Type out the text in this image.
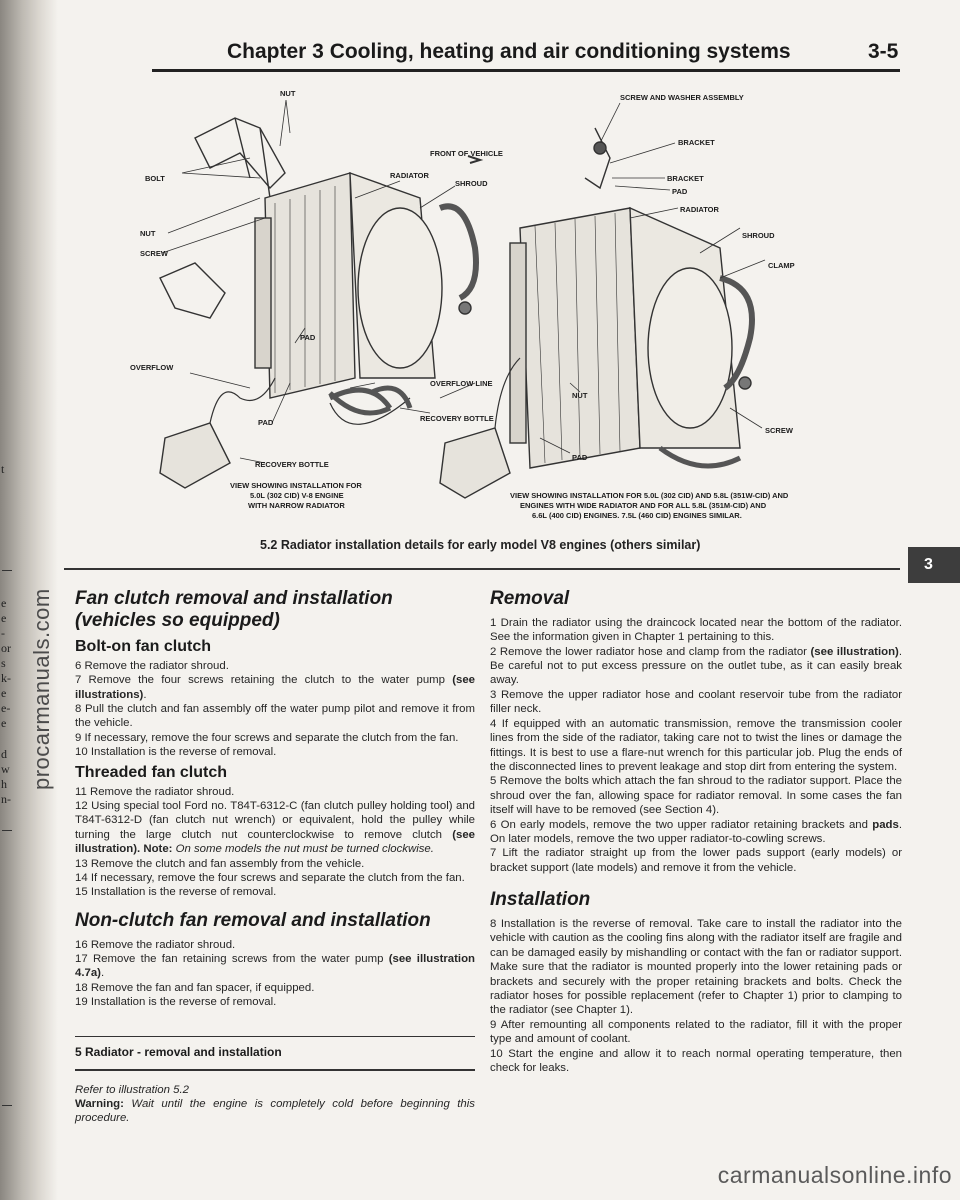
t
e
e
-
or
s
k-
e
e-
e
d
w
h
n-
procarmanuals.com
Chapter 3 Cooling, heating and air conditioning systems	3-5
NUT
BOLT
NUT
SCREW
RADIATOR
SHROUD
FRONT OF VEHICLE
PAD
OVERFLOW
PAD
RECOVERY BOTTLE
OVERFLOW LINE
RECOVERY BOTTLE
SCREW AND WASHER ASSEMBLY
BRACKET
BRACKET
PAD
RADIATOR
SHROUD
CLAMP
NUT
SCREW
PAD
VIEW SHOWING INSTALLATION FOR
5.0L (302 CID) V-8 ENGINE
WITH NARROW RADIATOR
VIEW SHOWING INSTALLATION FOR 5.0L (302 CID) AND 5.8L (351W-CID) AND
ENGINES WITH WIDE RADIATOR AND FOR ALL 5.8L (351M-CID) AND
6.6L (400 CID) ENGINES. 7.5L (460 CID) ENGINES SIMILAR.
5.2 Radiator installation details for early model V8 engines (others similar)
3
Fan clutch removal and installation (vehicles so equipped)
Bolt-on fan clutch

6 Remove the radiator shroud.

7 Remove the four screws retaining the clutch to the water pump (see illustrations).

8 Pull the clutch and fan assembly off the water pump pilot and remove it from the vehicle.

9 If necessary, remove the four screws and separate the clutch from the fan.

10 Installation is the reverse of removal.

Threaded fan clutch

11 Remove the radiator shroud.

12 Using special tool Ford no. T84T-6312-C (fan clutch pulley holding tool) and T84T-6312-D (fan clutch nut wrench) or equivalent, hold the pulley while turning the large clutch nut counterclockwise to remove clutch (see illustration). Note: On some models the nut must be turned clockwise.

13 Remove the clutch and fan assembly from the vehicle.

14 If necessary, remove the four screws and separate the clutch from the fan.

15 Installation is the reverse of removal.

Non-clutch fan removal and installation

16 Remove the radiator shroud.

17 Remove the fan retaining screws from the water pump (see illustration 4.7a).

18 Remove the fan and fan spacer, if equipped.

19 Installation is the reverse of removal.

5 Radiator - removal and installation

Refer to illustration 5.2

Warning: Wait until the engine is completely cold before beginning this procedure.

Removal

1 Drain the radiator using the draincock located near the bottom of the radiator. See the information given in Chapter 1 pertaining to this.

2 Remove the lower radiator hose and clamp from the radiator (see illustration). Be careful not to put excess pressure on the outlet tube, as it can easily break away.

3 Remove the upper radiator hose and coolant reservoir tube from the radiator filler neck.

4 If equipped with an automatic transmission, remove the transmission cooler lines from the side of the radiator, taking care not to twist the lines or damage the fittings. It is best to use a flare-nut wrench for this particular job. Plug the ends of the disconnected lines to prevent leakage and stop dirt from entering the system.

5 Remove the bolts which attach the fan shroud to the radiator support. Place the shroud over the fan, allowing space for radiator removal. In some cases the fan itself will have to be removed (see Section 4).

6 On early models, remove the two upper radiator retaining brackets and pads. On later models, remove the two upper radiator-to-cowling screws.

7 Lift the radiator straight up from the lower pads support (early models) or bracket support (late models) and remove it from the vehicle.

Installation

8 Installation is the reverse of removal. Take care to install the radiator into the vehicle with caution as the cooling fins along with the radiator itself are fragile and can be damaged easily by mishandling or contact with the fan or radiator support. Make sure that the radiator is mounted properly into the lower retaining pads or brackets and securely with the proper retaining brackets and bolts. Check the radiator hoses for possible replacement (refer to Chapter 1) prior to clamping to the radiator (see Chapter 1).

9 After remounting all components related to the radiator, fill it with the proper type and amount of coolant.

10 Start the engine and allow it to reach normal operating temperature, then check for leaks.

carmanualsonline.info
